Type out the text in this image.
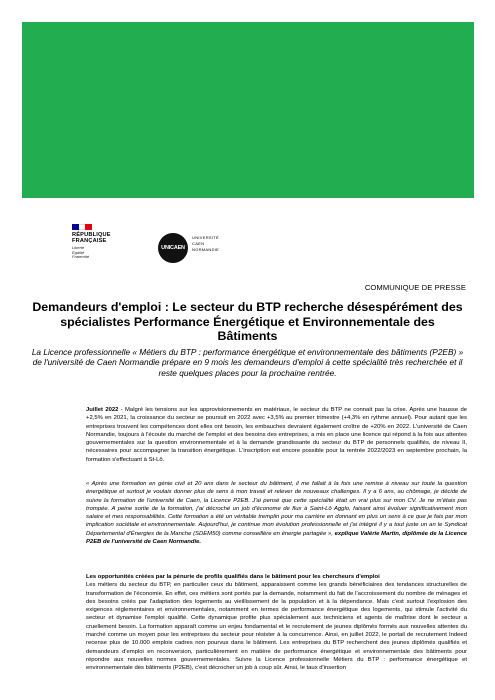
RÉPUBLIQUE
FRANÇAISE
Liberté
Égalité
Fraternité
UNICAEN
UNIVERSITÉ
CAEN
NORMANDIE
COMMUNIQUE DE PRESSE
Demandeurs d'emploi : Le secteur du BTP recherche désespérément des spécialistes Performance Énergétique et Environnementale des Bâtiments
La Licence professionnelle « Métiers du BTP : performance énergétique et environnementale des bâtiments (P2EB) » de l'université de Caen Normandie prépare en 9 mois les demandeurs d'emploi à cette spécialité très recherchée et il reste quelques places pour la prochaine rentrée.
Juillet 2022 - Malgré les tensions sur les approvisionnements en matériaux, le secteur du BTP ne connait pas la crise. Après une hausse de +2,5% en 2021, la croissance du secteur se poursuit en 2022 avec +3,5% au premier trimestre (+4,3% en rythme annuel). Pour autant que les entreprises trouvent les compétences dont elles ont besoin, les embauches devraient également croître de +20% en 2022. L'université de Caen Normandie, toujours à l'écoute du marché de l'emploi et des besoins des entreprises, a mis en place une licence qui répond à la fois aux attentes gouvernementales sur la question environnementale et à la demande grandissante du secteur du BTP de personnels qualifiés, de niveau II, nécessaires pour accompagner la transition énergétique. L'inscription est encore possible pour la rentrée 2022/2023 en septembre prochain, la formation s'effectuant à St-Lô.
« Après une formation en génie civil et 20 ans dans le secteur du bâtiment, il me fallait à la fois une remise à niveau sur toute la question énergétique et surtout je voulais donner plus de sens à mon travail et relever de nouveaux challenges. Il y a 6 ans, au chômage, je décide de suivre la formation de l'université de Caen, la Licence P2EB. J'ai pensé que cette spécialité était un vrai plus sur mon CV. Je ne m'étais pas trompée. A peine sortie de la formation, j'ai décroché un job d'économe de flux à Saint-Lô Agglo, faisant ainsi évoluer significativement mon salaire et mes responsabilités. Cette formation a été un véritable tremplin pour ma carrière en donnant en plus un sens à ce que je fais par mon implication sociétale et environnementale. Aujourd'hui, je continue mon évolution professionnelle et j'ai intégré il y a tout juste un an le Syndicat Départemental d'Énergies de la Manche (SDEM50) comme conseillère en énergie partagée », explique Valérie Martin, diplômée de la Licence P2EB de l'université de Caen Normandie.
Les opportunités créées par la pénurie de profils qualifiés dans le bâtiment pour les chercheurs d'emploi
Les métiers du secteur du BTP, en particulier ceux du bâtiment, apparaissent comme les grands bénéficiaires des tendances structurelles de transformation de l'économie. En effet, ces métiers sont portés par la demande, notamment du fait de l'accroissement du nombre de ménages et des besoins créés par l'adaptation des logements au vieillissement de la population et à la dépendance. Mais c'est surtout l'explosion des exigences réglementaires et environnementales, notamment en termes de performance énergétique des logements, qui stimule l'activité du secteur et dynamise l'emploi qualifié. Cette dynamique profite plus spécialement aux techniciens et agents de maîtrise dont le secteur a cruellement besoin. La formation apparaît comme un enjeu fondamental et le recrutement de jeunes diplômés formés aux nouvelles attentes du marché comme un moyen pour les entreprises du secteur pour résister à la concurrence. Ainsi, en juillet 2022, le portail de recrutement Indeed recense plus de 10.000 emplois cadres non pourvus dans le bâtiment. Les entreprises du BTP recherchent des jeunes diplômés qualifiés et demandeurs d'emploi en reconversion, particulièrement en matière de performance énergétique et environnementale des bâtiments pour répondre aux nouvelles normes gouvernementales. Suivre la Licence professionnelle Métiers du BTP : performance énergétique et environnementale des bâtiments (P2EB), c'est décrocher un job à coup sûr. Ainsi, le taux d'insertion
